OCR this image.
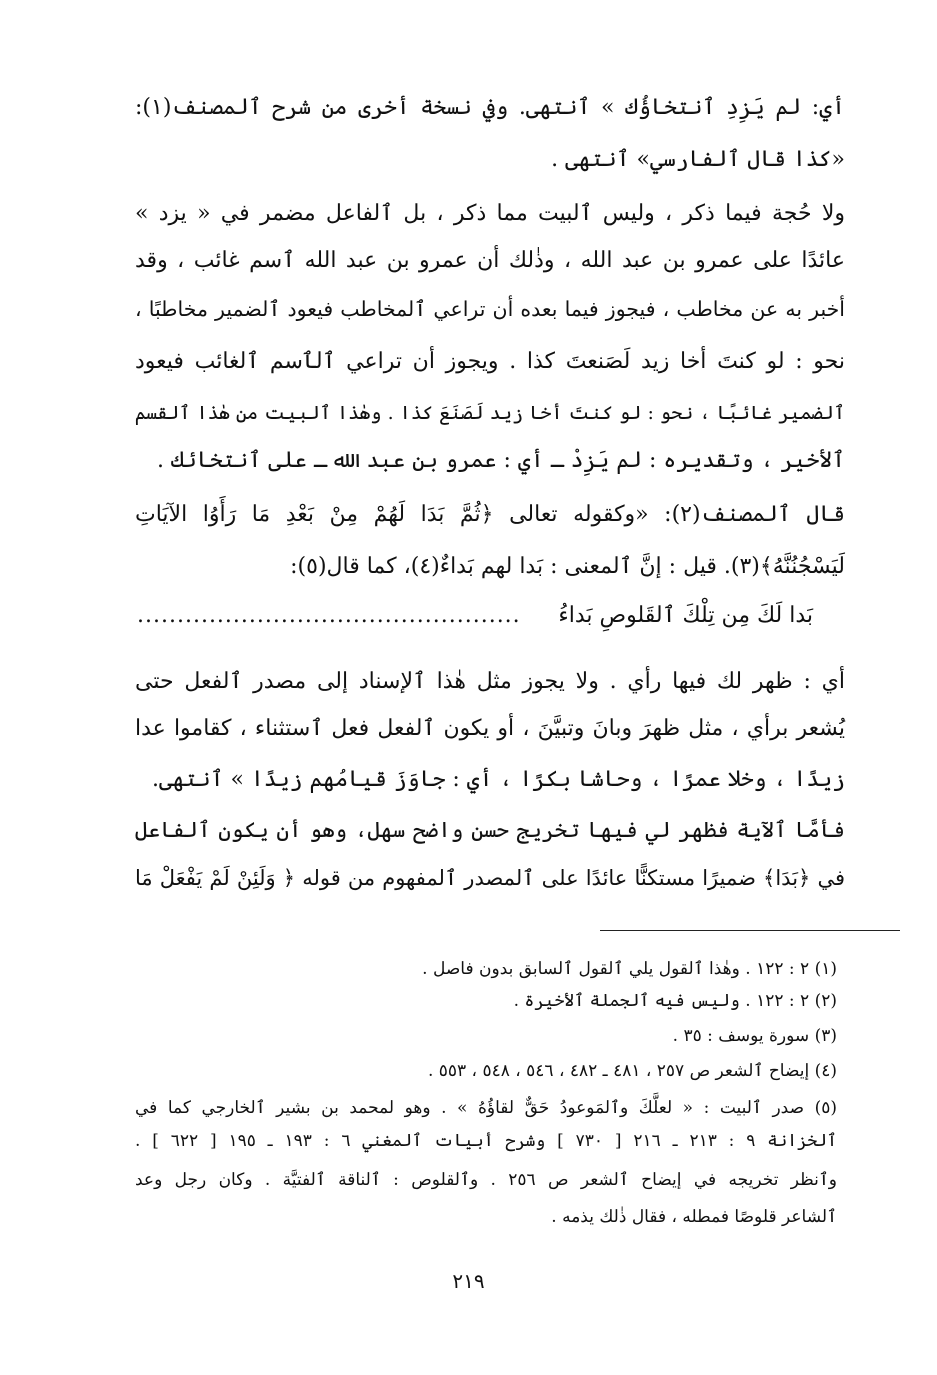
أي: لم يَزِدِ ٱنتخاؤُك » ٱنتهى. وفي نسخة أخرى من شرح ٱلمصنف(١):
«كذا قال ٱلفارسي» ٱنتهى .
ولا حُجة فيما ذكر ، وليس ٱلبيت مما ذكر ، بل ٱلفاعل مضمر في « يزد »
عائدًا على عمرو بن عبد الله ، وذٰلك أن عمرو بن عبد الله ٱسم غائب ، وقد
أخبر به عن مخاطب ، فيجوز فيما بعده أن تراعي ٱلمخاطب فيعود ٱلضمير مخاطبًا ،
نحو : لو كنتَ أخا زيد لَصَنعتَ كذا . ويجوز أن تراعي ٱلٱسم ٱلغائب فيعود
ٱلضمير غائبًا ، نحو : لو كنتَ أخا زيد لَصَنَعَ كذا . وهٰذا ٱلبيت من هٰذا ٱلقسم
ٱلأخير ، وتقديره : لم يَزِدْ ـ أي : عمرو بن عبد الله ـ على ٱنتخائك .
قال ٱلمصنف(٢): «وكقوله تعالى ﴿ثُمَّ بَدَا لَهُمْ مِنْ بَعْدِ مَا رَأَوُا الآيَاتِ
لَيَسْجُنُنَّهُ﴾(٣). قيل : إنَّ ٱلمعنى : بَدا لهم بَداءٌ(٤)، كما قال(٥):
بَدا لَكَ مِن تِلْكَ ٱلقَلوصِ بَداءُ
................................................
أي : ظهر لك فيها رأي . ولا يجوز مثل هٰذا ٱلإسناد إلى مصدر ٱلفعل حتى
يُشعر برأي ، مثل ظهرَ وبانَ وتبيَّنَ ، أو يكون ٱلفعل فعل ٱستثناء ، كقاموا عدا
زيدًا ، وخلا عمرًا ، وحاشا بكرًا ، أي : جاوَزَ قيامُهم زيدًا » ٱنتهى.
فأمَّا ٱلآية فظهر لي فيها تخريج حسن واضح سهل، وهو أن يكون ٱلفاعل
في ﴿بَدَا﴾ ضميرًا مستكنًّا عائدًا على ٱلمصدر ٱلمفهوم من قوله ﴿ وَلَئِنْ لَمْ يَفْعَلْ مَا
(١) ٢ : ١٢٢ . وهٰذا ٱلقول يلي ٱلقول ٱلسابق بدون فاصل .
(٢) ٢ : ١٢٢ . وليس فيه ٱلجملة ٱلأخيرة .
(٣) سورة يوسف : ٣٥ .
(٤) إيضاح ٱلشعر ص ٢٥٧ ، ٤٨١ ـ ٤٨٢ ، ٥٤٦ ، ٥٤٨ ، ٥٥٣ .
(٥) صدر ٱلبيت : « لعلَّكَ وٱلمَوعودُ حَقٌّ لقاؤُهُ » . وهو لمحمد بن بشير ٱلخارجي كما في
ٱلخزانة ٩ : ٢١٣ ـ ٢١٦ [ ٧٣٠ ] وشرح أبيات ٱلمغني ٦ : ١٩٣ ـ ١٩٥ [ ٦٢٢ ] .
وٱنظر تخريجه في إيضاح ٱلشعر ص ٢٥٦ . وٱلقلوص : ٱلناقة ٱلفتيَّة . وكان رجل وعد
ٱلشاعر قلوصًا فمطله ، فقال ذٰلك يذمه .
٢١٩
